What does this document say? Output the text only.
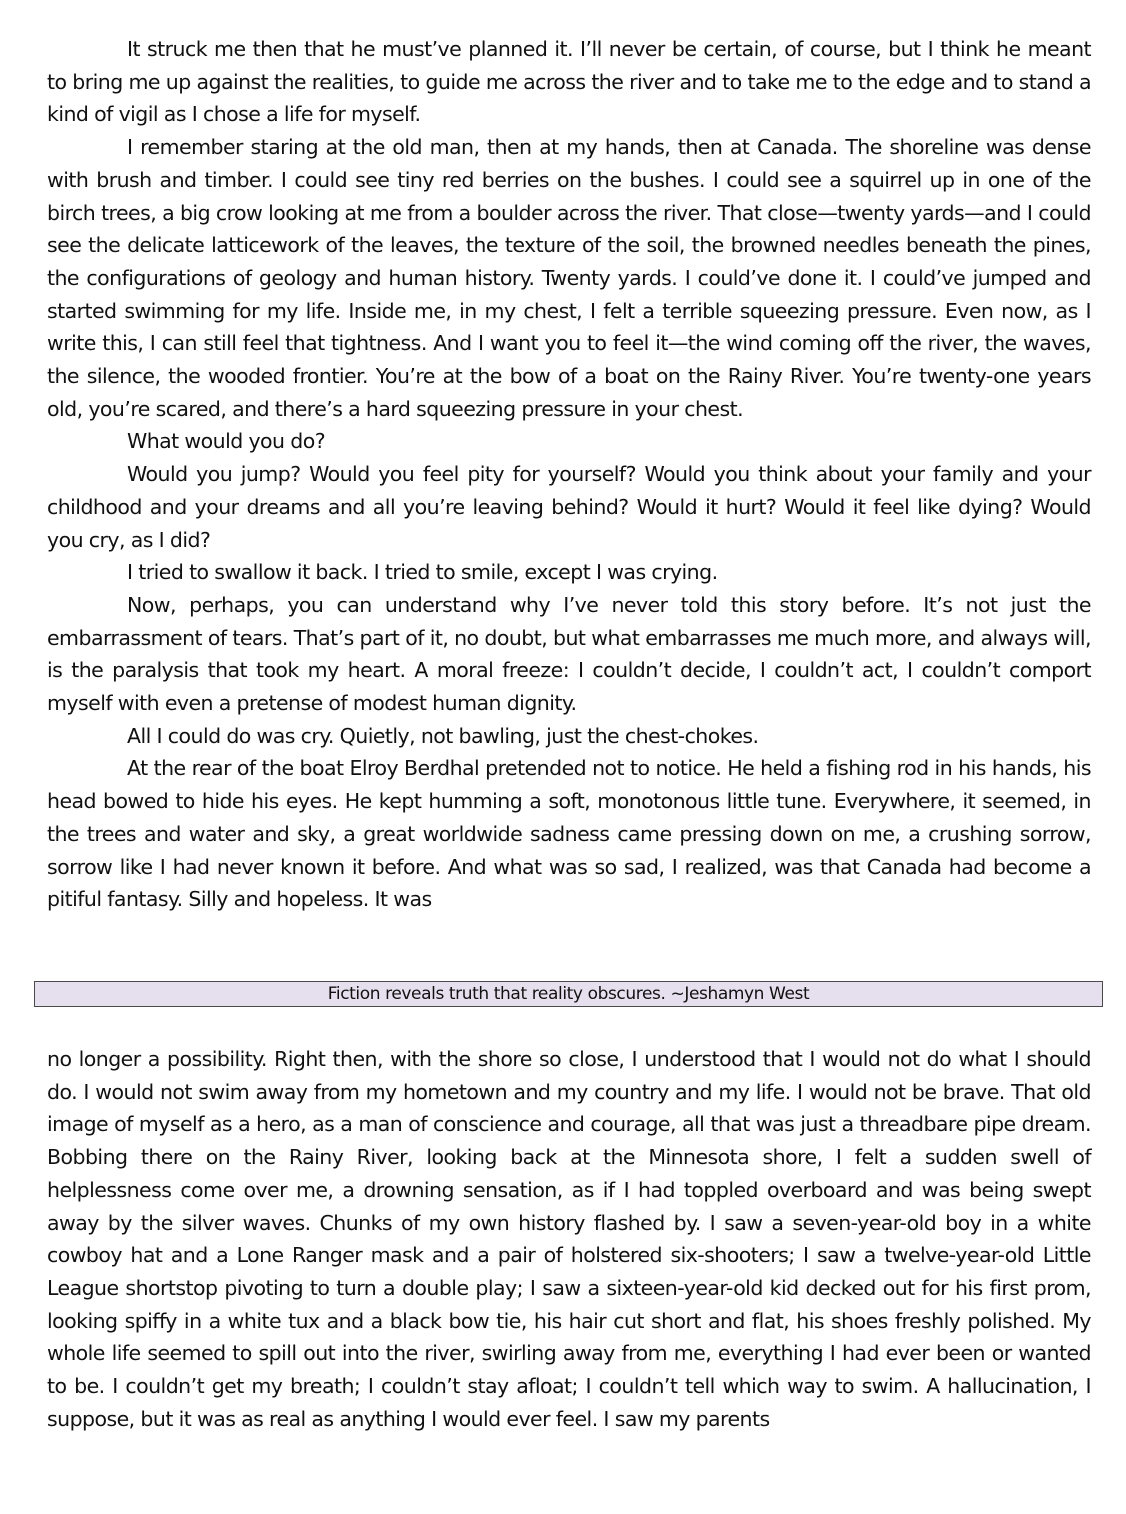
It struck me then that he must’ve planned it. I’ll never be certain, of course, but I think he meant to bring me up against the realities, to guide me across the river and to take me to the edge and to stand a kind of vigil as I chose a life for myself.

I remember staring at the old man, then at my hands, then at Canada. The shoreline was dense with brush and timber. I could see tiny red berries on the bushes. I could see a squirrel up in one of the birch trees, a big crow looking at me from a boulder across the river. That close—twenty yards—and I could see the delicate latticework of the leaves, the texture of the soil, the browned needles beneath the pines, the configurations of geology and human history. Twenty yards. I could’ve done it. I could’ve jumped and started swimming for my life. Inside me, in my chest, I felt a terrible squeezing pressure. Even now, as I write this, I can still feel that tightness. And I want you to feel it—the wind coming off the river, the waves, the silence, the wooded frontier. You’re at the bow of a boat on the Rainy River. You’re twenty-one years old, you’re scared, and there’s a hard squeezing pressure in your chest.

What would you do?

Would you jump? Would you feel pity for yourself? Would you think about your family and your childhood and your dreams and all you’re leaving behind? Would it hurt? Would it feel like dying? Would you cry, as I did?

I tried to swallow it back. I tried to smile, except I was crying.

Now, perhaps, you can understand why I’ve never told this story before. It’s not just the embarrassment of tears. That’s part of it, no doubt, but what embarrasses me much more, and always will, is the paralysis that took my heart. A moral freeze: I couldn’t decide, I couldn’t act, I couldn’t comport myself with even a pretense of modest human dignity.

All I could do was cry. Quietly, not bawling, just the chest-chokes.

At the rear of the boat Elroy Berdhal pretended not to notice. He held a fishing rod in his hands, his head bowed to hide his eyes. He kept humming a soft, monotonous little tune. Everywhere, it seemed, in the trees and water and sky, a great worldwide sadness came pressing down on me, a crushing sorrow, sorrow like I had never known it before. And what was so sad, I realized, was that Canada had become a pitiful fantasy. Silly and hopeless. It was

Fiction reveals truth that reality obscures. ~Jeshamyn West

no longer a possibility. Right then, with the shore so close, I understood that I would not do what I should do. I would not swim away from my hometown and my country and my life. I would not be brave. That old image of myself as a hero, as a man of conscience and courage, all that was just a threadbare pipe dream. Bobbing there on the Rainy River, looking back at the Minnesota shore, I felt a sudden swell of helplessness come over me, a drowning sensation, as if I had toppled overboard and was being swept away by the silver waves. Chunks of my own history flashed by. I saw a seven-year-old boy in a white cowboy hat and a Lone Ranger mask and a pair of holstered six-shooters; I saw a twelve-year-old Little League shortstop pivoting to turn a double play; I saw a sixteen-year-old kid decked out for his first prom, looking spiffy in a white tux and a black bow tie, his hair cut short and flat, his shoes freshly polished. My whole life seemed to spill out into the river, swirling away from me, everything I had ever been or wanted to be. I couldn’t get my breath; I couldn’t stay afloat; I couldn’t tell which way to swim. A hallucination, I suppose, but it was as real as anything I would ever feel. I saw my parents
